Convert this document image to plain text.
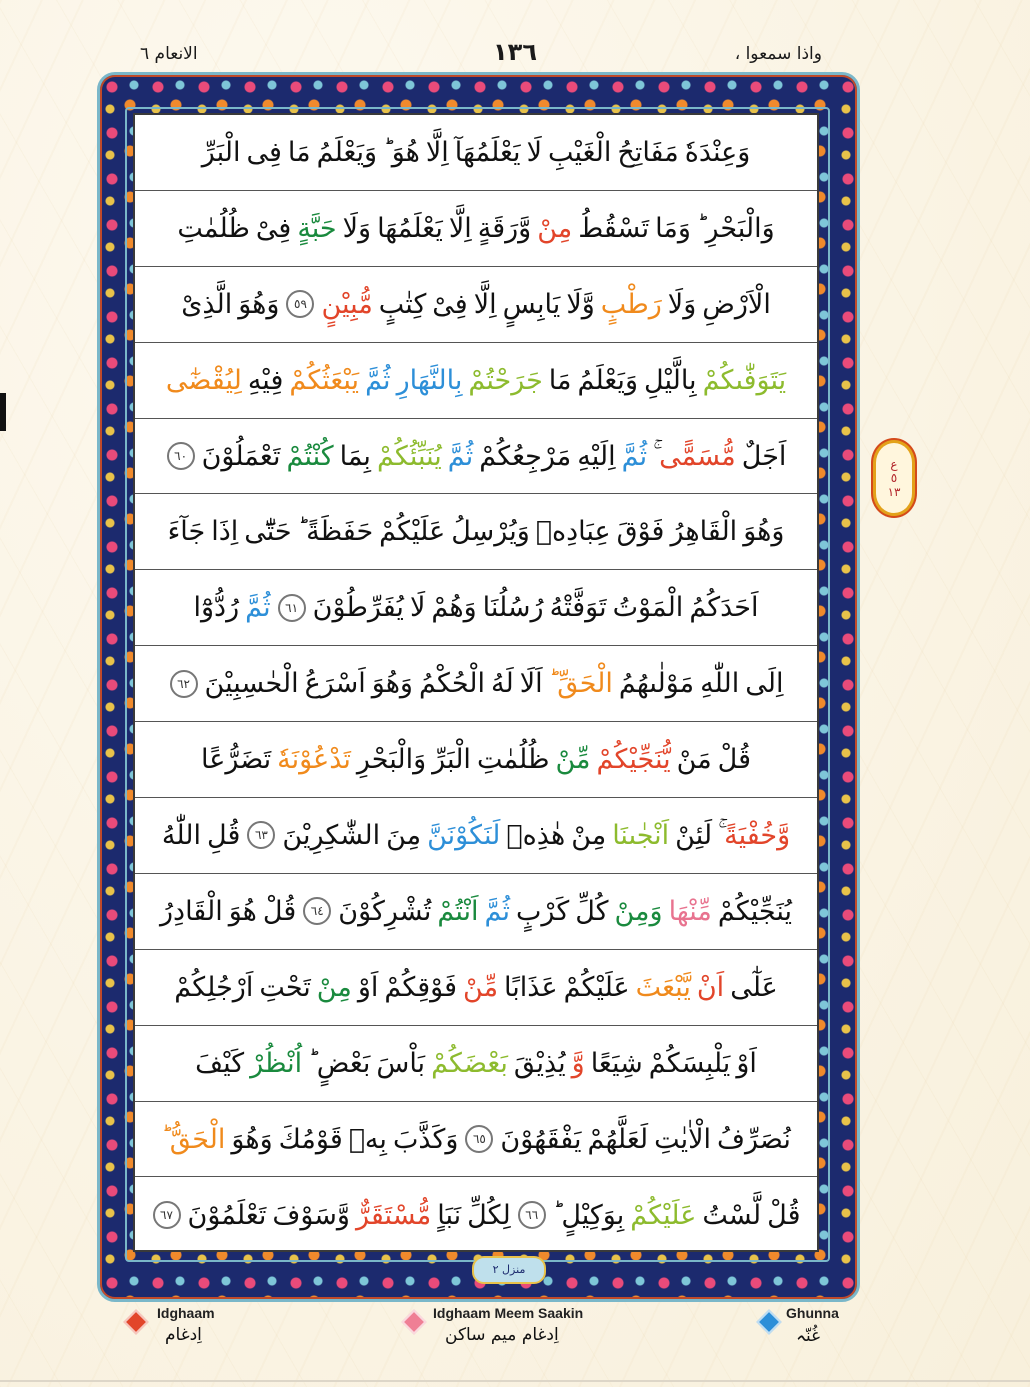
واذا سمعوا ،
١٣٦
الانعام ٦
وَعِنْدَهٗ
مَفَاتِحُ
الْغَيْبِ
لَا
يَعْلَمُهَآ
اِلَّا
هُوَ ؕ
وَيَعْلَمُ
مَا
فِى
الْبَرِّ
وَالْبَحْرِ ؕ
وَمَا
تَسْقُطُ
مِنْ
وَّرَقَةٍ
اِلَّا
يَعْلَمُهَا
وَلَا
حَبَّةٍ
فِىْ
ظُلُمٰتِ
الْاَرْضِ
وَلَا
رَطْبٍ
وَّلَا
يَابِسٍ
اِلَّا
فِىْ
كِتٰبٍ
مُّبِيْنٍ
٥٩
وَهُوَ
الَّذِىْ
يَتَوَفّٰٮكُمْ
بِالَّيْلِ
وَيَعْلَمُ
مَا
جَرَحْتُمْ
بِالنَّهَارِ
ثُمَّ
يَبْعَثُكُمْ
فِيْهِ
لِيُقْضٰٓى
اَجَلٌ
مُّسَمًّى
ثُمَّ
اِلَيْهِ
مَرْجِعُكُمْ
ثُمَّ
يُنَبِّئُكُمْ
بِمَا
كُنْتُمْ
تَعْمَلُوْنَ
٦٠
وَهُوَ
الْقَاهِرُ
فَوْقَ
عِبَادِهٖ
وَيُرْسِلُ
عَلَيْكُمْ
حَفَظَةً ؕ
حَتّٰٓى
اِذَا
جَآءَ
اَحَدَكُمُ
الْمَوْتُ
تَوَفَّتْهُ
رُسُلُنَا
وَهُمْ
لَا
يُفَرِّطُوْنَ
٦١
ثُمَّ
رُدُّوْٓا
اِلَى
اللّٰهِ
مَوْلٰٮهُمُ
الْحَقِّ ؕ
اَلَا
لَهُ
الْحُكْمُ
وَهُوَ
اَسْرَعُ
الْحٰسِبِيْنَ
٦٢
قُلْ
مَنْ
يُّنَجِّيْكُمْ
مِّنْ
ظُلُمٰتِ
الْبَرِّ
وَالْبَحْرِ
تَدْعُوْنَهٗ
تَضَرُّعًا
وَّخُفْيَةً
لَئِنْ
اَنْجٰٮنَا
مِنْ
هٰذِهٖ
لَنَكُوْنَنَّ
مِنَ
الشّٰكِرِيْنَ
٦٣
قُلِ
اللّٰهُ
يُنَجِّيْكُمْ
مِّنْهَا
وَمِنْ
كُلِّ
كَرْبٍ
ثُمَّ
اَنْتُمْ
تُشْرِكُوْنَ
٦٤
قُلْ
هُوَ
الْقَادِرُ
عَلٰٓى
اَنْ
يَّبْعَثَ
عَلَيْكُمْ
عَذَابًا
مِّنْ
فَوْقِكُمْ
اَوْ
مِنْ
تَحْتِ
اَرْجُلِكُمْ
اَوْ
يَلْبِسَكُمْ
شِيَعًا
وَّ
يُذِيْقَ
بَعْضَكُمْ
بَاْسَ
بَعْضٍ ؕ
اُنْظُرْ
كَيْفَ
نُصَرِّفُ
الْاٰيٰتِ
لَعَلَّهُمْ
يَفْقَهُوْنَ
٦٥
وَكَذَّبَ
بِهٖ
قَوْمُكَ
وَهُوَ
الْحَقُّ ؕ
قُلْ
لَّسْتُ
عَلَيْكُمْ
بِوَكِيْلٍ ؕ
٦٦
لِكُلِّ
نَبَاٍ
مُّسْتَقَرٌّ
وَّسَوْفَ
تَعْلَمُوْنَ
٦٧
ع
٥
١٣
منزل ٢
Idghaam
اِدغام
Idghaam Meem Saakin
اِدغام میم ساکن
Ghunna
غُنّہ
